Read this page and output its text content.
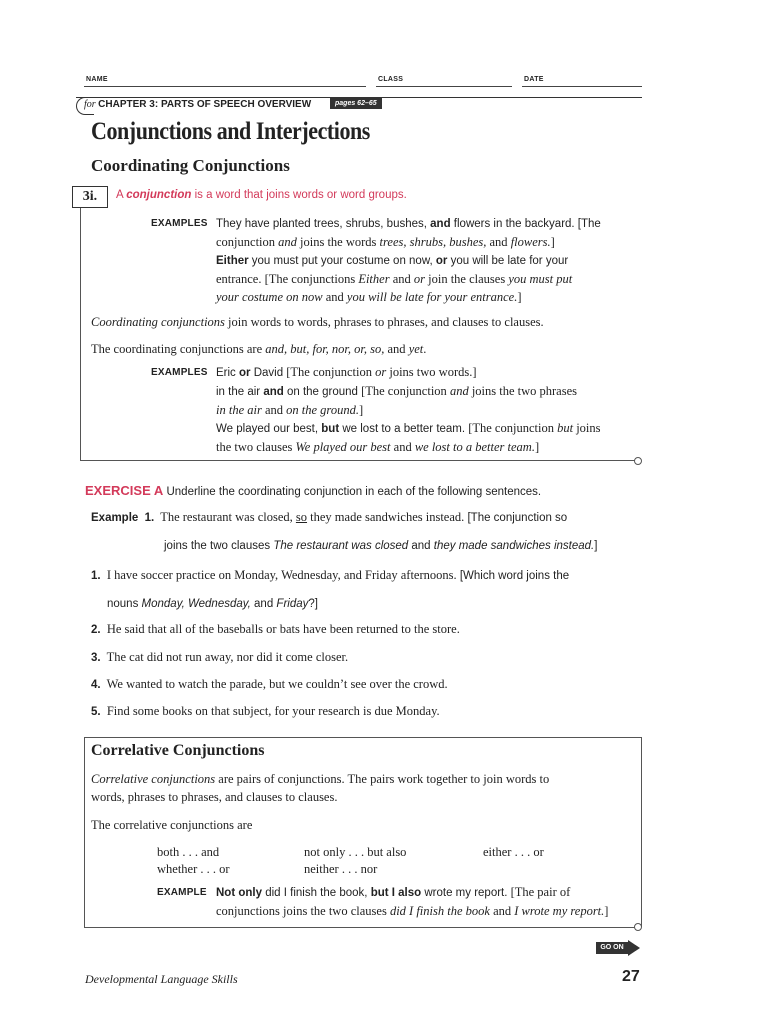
NAME	CLASS	DATE
for CHAPTER 3: PARTS OF SPEECH OVERVIEW	pages 62–65
Conjunctions and Interjections
Coordinating Conjunctions
3i.	A conjunction is a word that joins words or word groups.
EXAMPLES They have planted trees, shrubs, bushes, and flowers in the backyard. [The
conjunction and joins the words trees, shrubs, bushes, and flowers.]
Either you must put your costume on now, or you will be late for your
entrance. [The conjunctions Either and or join the clauses you must put
your costume on now and you will be late for your entrance.]
Coordinating conjunctions join words to words, phrases to phrases, and clauses to clauses.
The coordinating conjunctions are and, but, for, nor, or, so, and yet.
EXAMPLES Eric or David [The conjunction or joins two words.]
in the air and on the ground [The conjunction and joins the two phrases
in the air and on the ground.]
We played our best, but we lost to a better team. [The conjunction but joins
the two clauses We played our best and we lost to a better team.]
EXERCISE A Underline the coordinating conjunction in each of the following sentences.
Example 1. The restaurant was closed, so they made sandwiches instead. [The conjunction so
joins the two clauses The restaurant was closed and they made sandwiches instead.]
1. I have soccer practice on Monday, Wednesday, and Friday afternoons. [Which word joins the
nouns Monday, Wednesday, and Friday?]
2. He said that all of the baseballs or bats have been returned to the store.
3. The cat did not run away, nor did it come closer.
4. We wanted to watch the parade, but we couldn’t see over the crowd.
5. Find some books on that subject, for your research is due Monday.
Correlative Conjunctions
Correlative conjunctions are pairs of conjunctions. The pairs work together to join words to
words, phrases to phrases, and clauses to clauses.
The correlative conjunctions are
both . . . and	not only . . . but also	either . . . or
whether . . . or	neither . . . nor
EXAMPLE Not only did I finish the book, but I also wrote my report. [The pair of
conjunctions joins the two clauses did I finish the book and I wrote my report.]
GO ON
Developmental Language Skills	27
